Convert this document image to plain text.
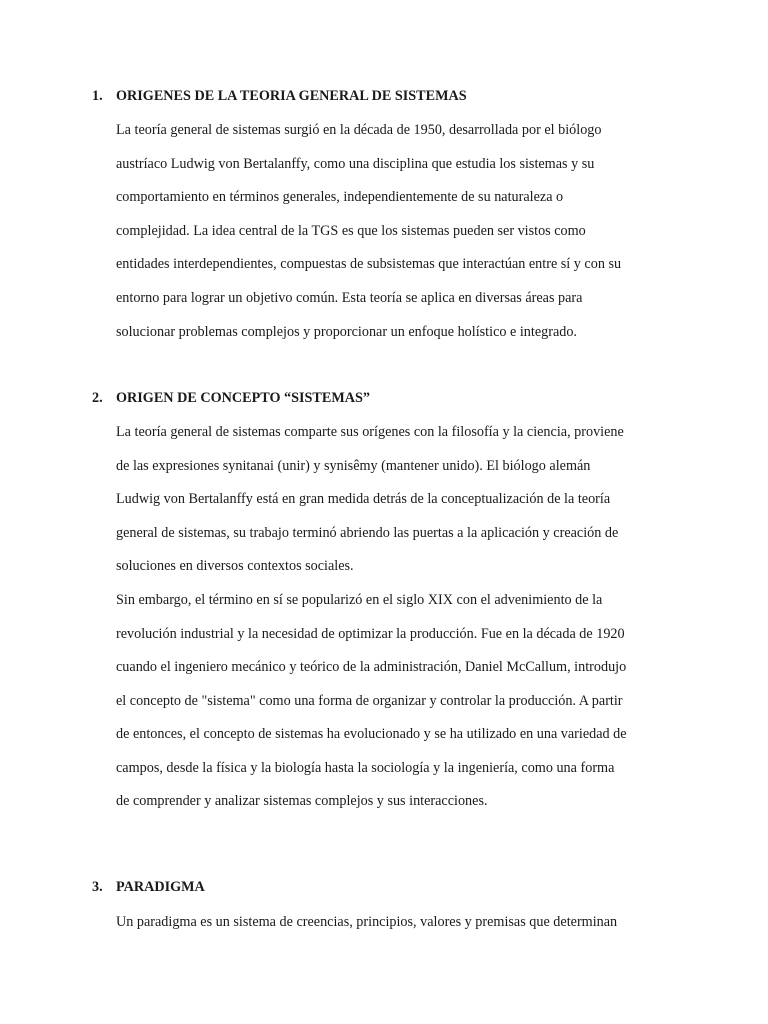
1. ORIGENES DE LA TEORIA GENERAL DE SISTEMAS
La teoría general de sistemas surgió en la década de 1950, desarrollada por el biólogo
austríaco Ludwig von Bertalanffy, como una disciplina que estudia los sistemas y su
comportamiento en términos generales, independientemente de su naturaleza o
complejidad. La idea central de la TGS es que los sistemas pueden ser vistos como
entidades interdependientes, compuestas de subsistemas que interactúan entre sí y con su
entorno para lograr un objetivo común. Esta teoría se aplica en diversas áreas para
solucionar problemas complejos y proporcionar un enfoque holístico e integrado.
2. ORIGEN DE CONCEPTO “SISTEMAS”
La teoría general de sistemas comparte sus orígenes con la filosofía y la ciencia, proviene
de las expresiones synitanai (unir) y synisêmy (mantener unido). El biólogo alemán
Ludwig von Bertalanffy está en gran medida detrás de la conceptualización de la teoría
general de sistemas, su trabajo terminó abriendo las puertas a la aplicación y creación de
soluciones en diversos contextos sociales.
Sin embargo, el término en sí se popularizó en el siglo XIX con el advenimiento de la
revolución industrial y la necesidad de optimizar la producción. Fue en la década de 1920
cuando el ingeniero mecánico y teórico de la administración, Daniel McCallum, introdujo
el concepto de "sistema" como una forma de organizar y controlar la producción. A partir
de entonces, el concepto de sistemas ha evolucionado y se ha utilizado en una variedad de
campos, desde la física y la biología hasta la sociología y la ingeniería, como una forma
de comprender y analizar sistemas complejos y sus interacciones.
3. PARADIGMA
Un paradigma es un sistema de creencias, principios, valores y premisas que determinan
